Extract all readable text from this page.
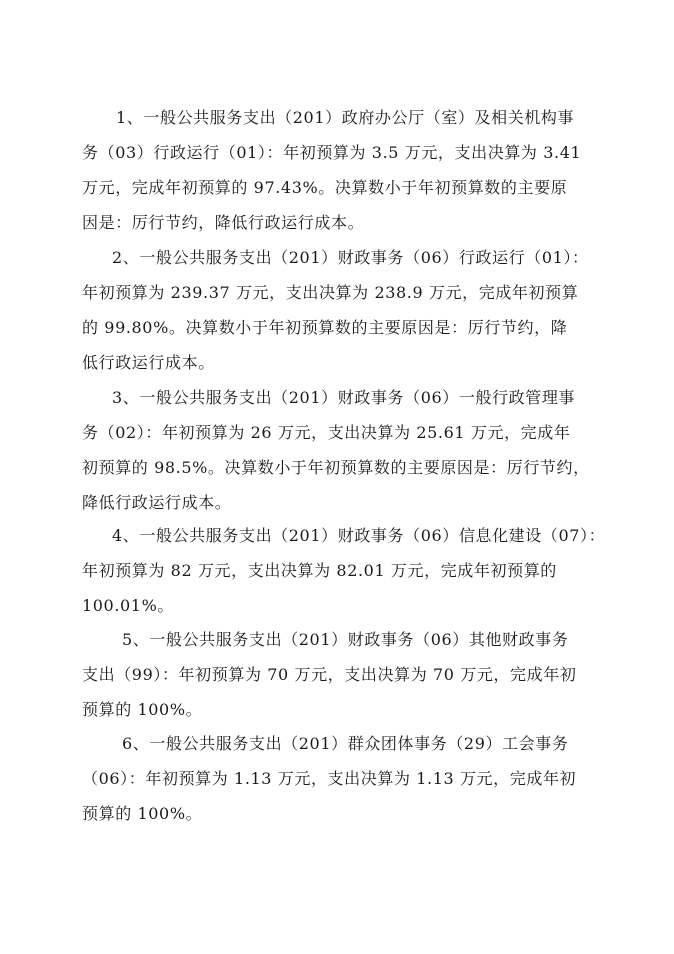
1、一般公共服务支出（201）政府办公厅（室）及相关机构事
务（03）行政运行（01）：年初预算为 3.5 万元，支出决算为 3.41
万元，完成年初预算的 97.43%。决算数小于年初预算数的主要原
因是：厉行节约，降低行政运行成本。

2、一般公共服务支出（201）财政事务（06）行政运行（01）：
年初预算为 239.37 万元，支出决算为 238.9 万元，完成年初预算
的 99.80%。决算数小于年初预算数的主要原因是：厉行节约，降
低行政运行成本。

3、一般公共服务支出（201）财政事务（06）一般行政管理事
务（02）：年初预算为 26 万元，支出决算为 25.61 万元，完成年
初预算的 98.5%。决算数小于年初预算数的主要原因是：厉行节约，
降低行政运行成本。

4、一般公共服务支出（201）财政事务（06）信息化建设（07）：
年初预算为 82 万元，支出决算为 82.01 万元，完成年初预算的
100.01%。

5、一般公共服务支出（201）财政事务（06）其他财政事务
支出（99）：年初预算为 70 万元，支出决算为 70 万元，完成年初
预算的 100%。

6、一般公共服务支出（201）群众团体事务（29）工会事务
（06）：年初预算为 1.13 万元，支出决算为 1.13 万元，完成年初
预算的 100%。
